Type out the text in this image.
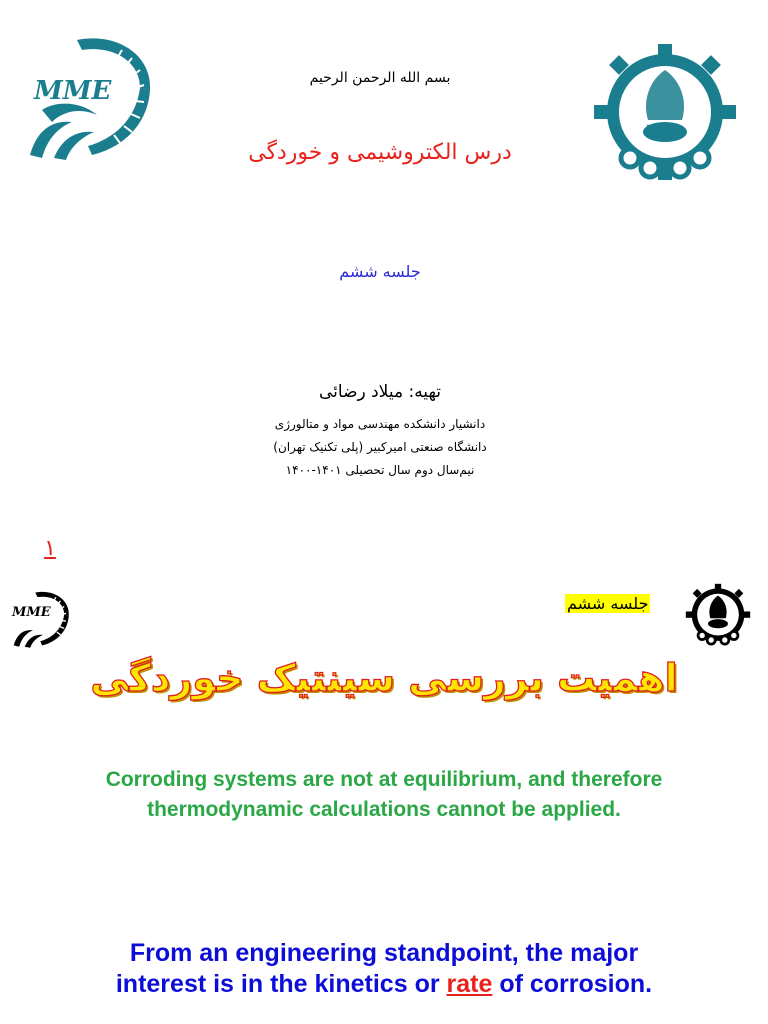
MME
۱۳۰۷
بسم الله الرحمن الرحیم
درس الکتروشیمی و خوردگی
جلسه ششم
تهیه: میلاد رضائی
دانشیار دانشکده مهندسی مواد و متالورژی
دانشگاه صنعتی امیرکبیر (پلی تکنیک تهران)
نیم‌سال دوم سال تحصیلی ۱۴۰۱-۱۴۰۰
۱
MME	جلسه ششم
اهمیت بررسی سینتیک خوردگی
Corroding systems are not at equilibrium, and therefore
thermodynamic calculations cannot be applied.
From an engineering standpoint, the major
interest is in the kinetics or rate of corrosion.
